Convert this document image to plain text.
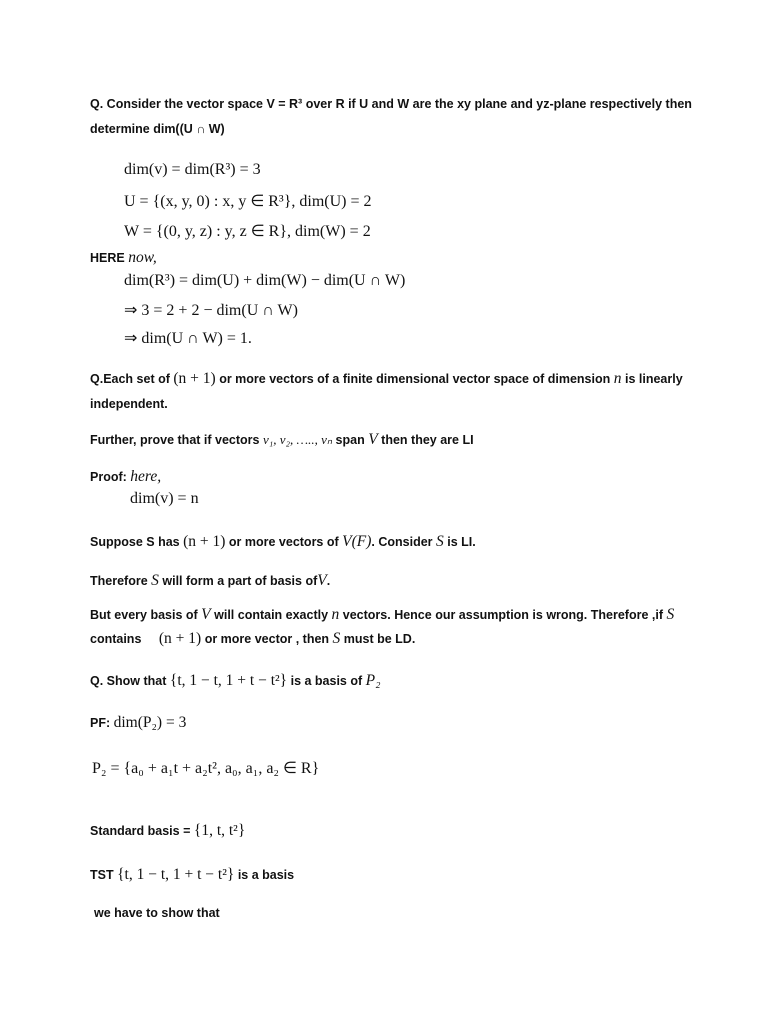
Q. Consider the vector space V = R³ over R if U and W are the xy plane and yz-plane respectively then
determine dim((U ∩ W)
dim(v) = dim(R³) = 3
U = {(x, y, 0) : x, y ∈ R³}, dim(U) = 2
W = {(0, y, z) : y, z ∈ R}, dim(W) = 2
HERE now,
dim(R³) = dim(U) + dim(W) − dim(U ∩ W)
⇒ 3 = 2 + 2 − dim(U ∩ W)
⇒ dim(U ∩ W) = 1.
Q.Each set of (n + 1) or more vectors of a finite dimensional vector space of dimension n is linearly
independent.
Further, prove that if vectors v₁, v₂, ….., vₙ span V then they are LI
Proof: here,
dim(v) = n
Suppose S has (n + 1) or more vectors of V(F). Consider S is LI.
Therefore S will form a part of basis ofV.
But every basis of V will contain exactly n vectors. Hence our assumption is wrong. Therefore ,if S
contains (n + 1) or more vector , then S must be LD.
Q. Show that {t, 1 − t, 1 + t − t²} is a basis of P₂
PF: dim(P₂) = 3
P₂ = {a₀ + a₁t + a₂t², a₀, a₁, a₂ ∈ R}
Standard basis = {1, t, t²}
TST {t, 1 − t, 1 + t − t²} is a basis
we have to show that
